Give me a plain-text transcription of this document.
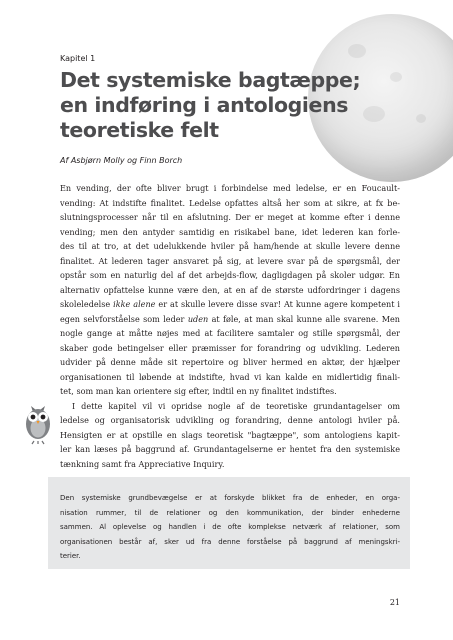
Kapitel 1
Det systemiske bagtæppe;
en indføring i antologiens
teoretiske felt
Af Asbjørn Molly og Finn Borch
En vending, der ofte bliver brugt i forbindelse med ledelse, er en Foucault-
vending: At indstifte finalitet. Ledelse opfattes altså her som at sikre, at fx be-
slutningsprocesser når til en afslutning. Der er meget at komme efter i denne
vending; men den antyder samtidig en risikabel bane, idet lederen kan forle-
des til at tro, at det udelukkende hviler på ham/hende at skulle levere denne
finalitet. At lederen tager ansvaret på sig, at levere svar på de spørgsmål, der
opstår som en naturlig del af det arbejds-flow, dagligdagen på skoler udgør. En
alternativ opfattelse kunne være den, at en af de største udfordringer i dagens
skoleledelse ikke alene er at skulle levere disse svar! At kunne agere kompetent i
egen selvforståelse som leder uden at føle, at man skal kunne alle svarene. Men
nogle gange at måtte nøjes med at facilitere samtaler og stille spørgsmål, der
skaber gode betingelser eller præmisser for forandring og udvikling. Lederen
udvider på denne måde sit repertoire og bliver hermed en aktør, der hjælper
organisationen til løbende at indstifte, hvad vi kan kalde en midlertidig finali-
tet, som man kan orientere sig efter, indtil en ny finalitet indstiftes.
I dette kapitel vil vi opridse nogle af de teoretiske grundantagelser om
ledelse og organisatorisk udvikling og forandring, denne antologi hviler på.
Hensigten er at opstille en slags teoretisk "bagtæppe", som antologiens kapit-
ler kan læses på baggrund af. Grundantagelserne er hentet fra den systemiske
tænkning samt fra Appreciative Inquiry.
Den systemiske grundbevægelse er at forskyde blikket fra de enheder, en orga-
nisation rummer, til de relationer og den kommunikation, der binder enhederne
sammen. Al oplevelse og handlen i de ofte komplekse netværk af relationer, som
organisationen består af, sker ud fra denne forståelse på baggrund af meningskri-
terier.
21
